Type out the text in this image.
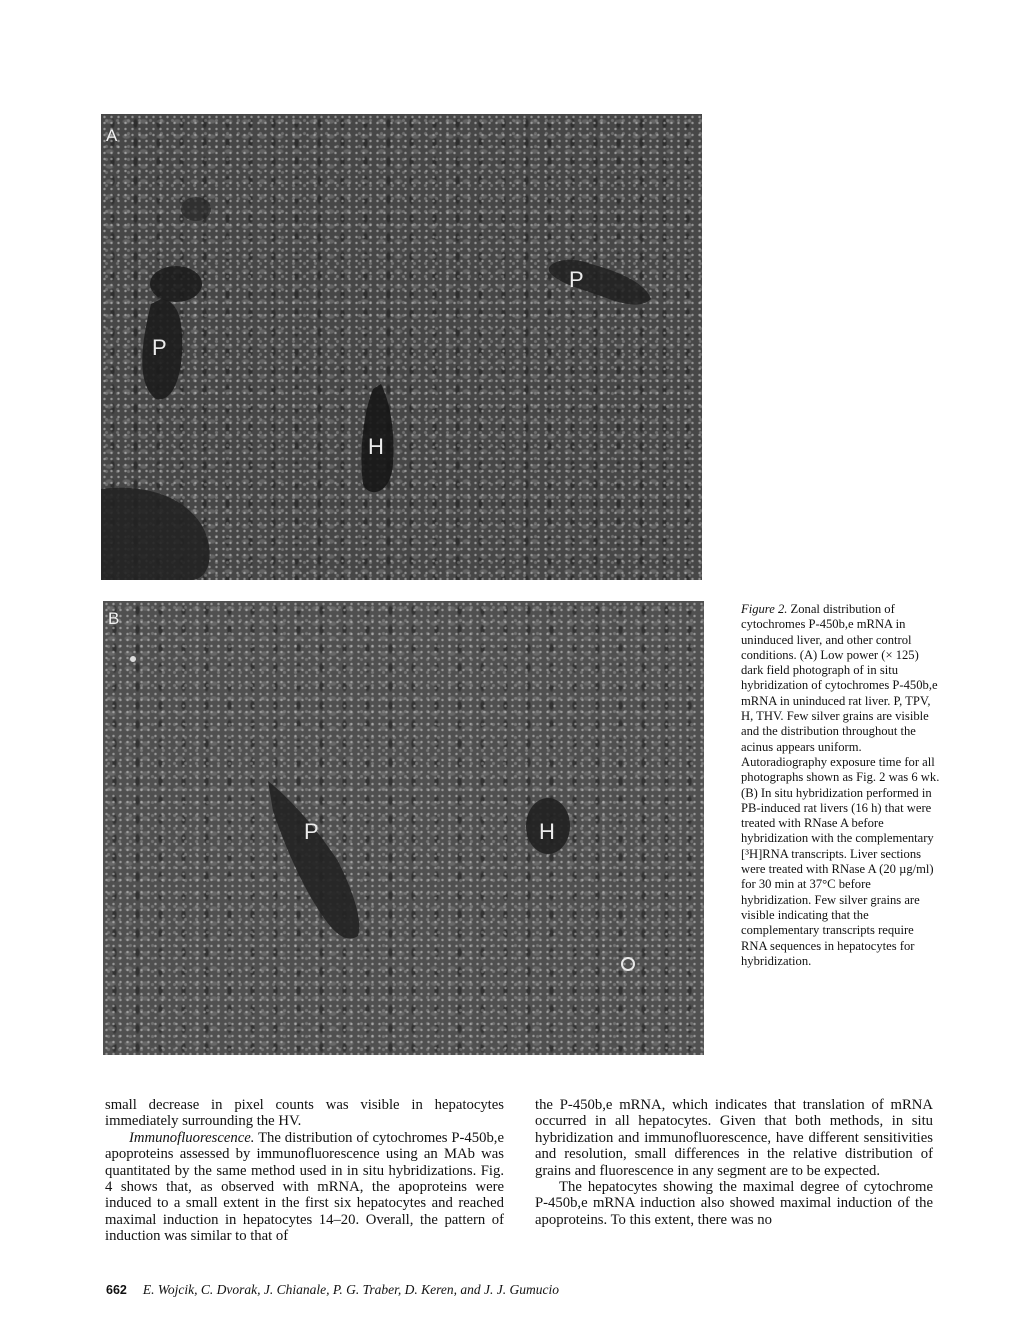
A
P
H
P
B
P	H

Figure 2. Zonal distribution of cytochromes P-450b,e mRNA in uninduced liver, and other control conditions. (A) Low power (× 125) dark field photograph of in situ hybridization of cytochromes P-450b,e mRNA in uninduced rat liver. P, TPV, H, THV. Few silver grains are visible and the distribution throughout the acinus appears uniform. Autoradiography exposure time for all photographs shown as Fig. 2 was 6 wk. (B) In situ hybridization performed in PB-induced rat livers (16 h) that were treated with RNase A before hybridization with the complementary [³H]RNA transcripts. Liver sections were treated with RNase A (20 µg/ml) for 30 min at 37°C before hybridization. Few silver grains are visible indicating that the complementary transcripts require RNA sequences in hepatocytes for hybridization.

small decrease in pixel counts was visible in hepatocytes immediately surrounding the HV.

Immunofluorescence. The distribution of cytochromes P-450b,e apoproteins assessed by immunofluorescence using an MAb was quantitated by the same method used in in situ hybridizations. Fig. 4 shows that, as observed with mRNA, the apoproteins were induced to a small extent in the first six hepatocytes and reached maximal induction in hepatocytes 14–20. Overall, the pattern of induction was similar to that of

the P-450b,e mRNA, which indicates that translation of mRNA occurred in all hepatocytes. Given that both methods, in situ hybridization and immunofluorescence, have different sensitivities and resolution, small differences in the relative distribution of grains and fluorescence in any segment are to be expected.

The hepatocytes showing the maximal degree of cytochrome P-450b,e mRNA induction also showed maximal induction of the apoproteins. To this extent, there was no

662 E. Wojcik, C. Dvorak, J. Chianale, P. G. Traber, D. Keren, and J. J. Gumucio
